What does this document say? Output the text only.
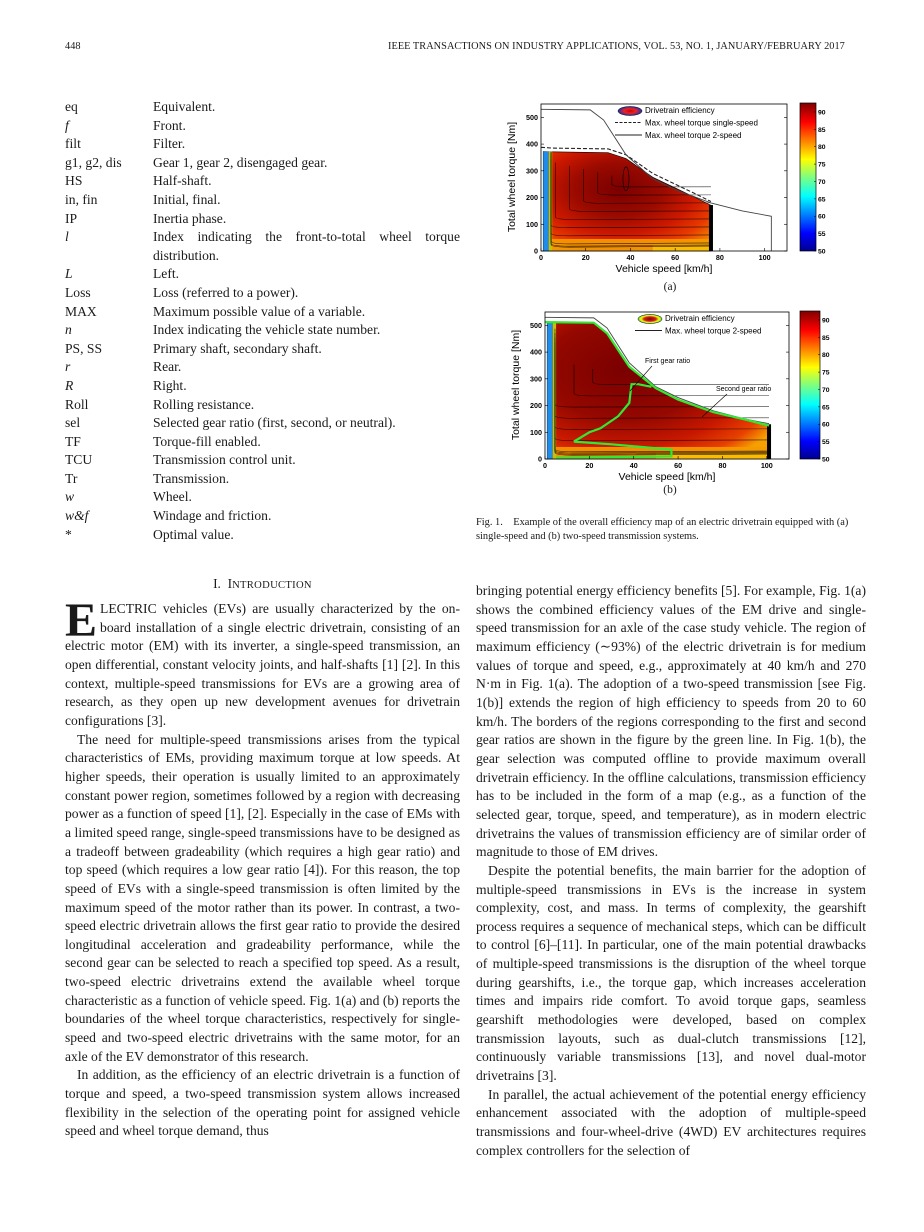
448	IEEE TRANSACTIONS ON INDUSTRY APPLICATIONS, VOL. 53, NO. 1, JANUARY/FEBRUARY 2017
eq	Equivalent.
f	Front.
filt	Filter.
g1, g2, dis	Gear 1, gear 2, disengaged gear.
HS	Half-shaft.
in, fin	Initial, final.
IP	Inertia phase.
l	Index indicating the front-to-total wheel torque distribution.
L	Left.
Loss	Loss (referred to a power).
MAX	Maximum possible value of a variable.
n	Index indicating the vehicle state number.
PS, SS	Primary shaft, secondary shaft.
r	Rear.
R	Right.
Roll	Rolling resistance.
sel	Selected gear ratio (first, second, or neutral).
TF	Torque-fill enabled.
TCU	Transmission control unit.
Tr	Transmission.
w	Wheel.
w&f	Windage and friction.
*	Optimal value.
I. INTRODUCTION

ELECTRIC vehicles (EVs) are usually characterized by the on-board installation of a single electric drivetrain, consisting of an electric motor (EM) with its inverter, a single-speed transmission, an open differential, constant velocity joints, and half-shafts [1] [2]. In this context, multiple-speed transmissions for EVs are a growing area of research, as they open up new development avenues for drivetrain configurations [3].

The need for multiple-speed transmissions arises from the typical characteristics of EMs, providing maximum torque at low speeds. At higher speeds, their operation is usually limited to an approximately constant power region, sometimes followed by a region with decreasing power as a function of speed [1], [2]. Especially in the case of EMs with a limited speed range, single-speed transmissions have to be designed as a tradeoff between gradeability (which requires a high gear ratio) and top speed (which requires a low gear ratio [4]). For this reason, the top speed of EVs with a single-speed transmission is often limited by the maximum speed of the motor rather than its power. In contrast, a two-speed electric drivetrain allows the first gear ratio to provide the desired longitudinal acceleration and gradeability performance, while the second gear can be selected to reach a specified top speed. As a result, two-speed electric drivetrains extend the available wheel torque characteristic as a function of vehicle speed. Fig. 1(a) and (b) reports the boundaries of the wheel torque characteristics, respectively for single-speed and two-speed electric drivetrains with the same motor, for an axle of the EV demonstrator of this research.

In addition, as the efficiency of an electric drivetrain is a function of torque and speed, a two-speed transmission system allows increased flexibility in the selection of the operating point for assigned vehicle speed and wheel torque demand, thus

bringing potential energy efficiency benefits [5]. For example, Fig. 1(a) shows the combined efficiency values of the EM drive and single-speed transmission for an axle of the case study vehicle. The region of maximum efficiency (∼93%) of the electric drivetrain is for medium values of torque and speed, e.g., approximately at 40 km/h and 270 N·m in Fig. 1(a). The adoption of a two-speed transmission [see Fig. 1(b)] extends the region of high efficiency to speeds from 20 to 60 km/h. The borders of the regions corresponding to the first and second gear ratios are shown in the figure by the green line. In Fig. 1(b), the gear selection was computed offline to provide maximum overall drivetrain efficiency. In the offline calculations, transmission efficiency has to be included in the form of a map (e.g., as a function of the selected gear, torque, speed, and temperature), as in modern electric drivetrains the values of transmission efficiency are of similar order of magnitude to those of EM drives.

Despite the potential benefits, the main barrier for the adoption of multiple-speed transmissions in EVs is the increase in system complexity, cost, and mass. In terms of complexity, the gearshift process requires a sequence of mechanical steps, which can be difficult to control [6]–[11]. In particular, one of the main potential drawbacks of multiple-speed transmissions is the disruption of the wheel torque during gearshifts, i.e., the torque gap, which increases acceleration times and impairs ride comfort. To avoid torque gaps, seamless gearshift methodologies were developed, based on complex transmission layouts, such as dual-clutch transmissions [12], continuously variable transmissions [13], and novel dual-motor drivetrains [3].

In parallel, the actual achievement of the potential energy efficiency enhancement associated with the adoption of multiple-speed transmissions and four-wheel-drive (4WD) EV architectures requires complex controllers for the selection of

0	20	40	60	80	100
0
100
200
300
400
500
Vehicle speed [km/h]
Total wheel torque [Nm]
Drivetrain efficiency
Max. wheel torque single-speed
Max. wheel torque 2-speed
50
55
60
65
70
75
80
85
90
0	20	40	60	80	100
0
100
200
300
400
500
Vehicle speed [km/h]
Total wheel torque [Nm]
Drivetrain efficiency
Max. wheel torque 2-speed
First gear ratio
Second gear ratio
50
55
60
65
70
75
80
85
90
(a)
(b)
Fig. 1. Example of the overall efficiency map of an electric drivetrain equipped with (a) single-speed and (b) two-speed transmission systems.
